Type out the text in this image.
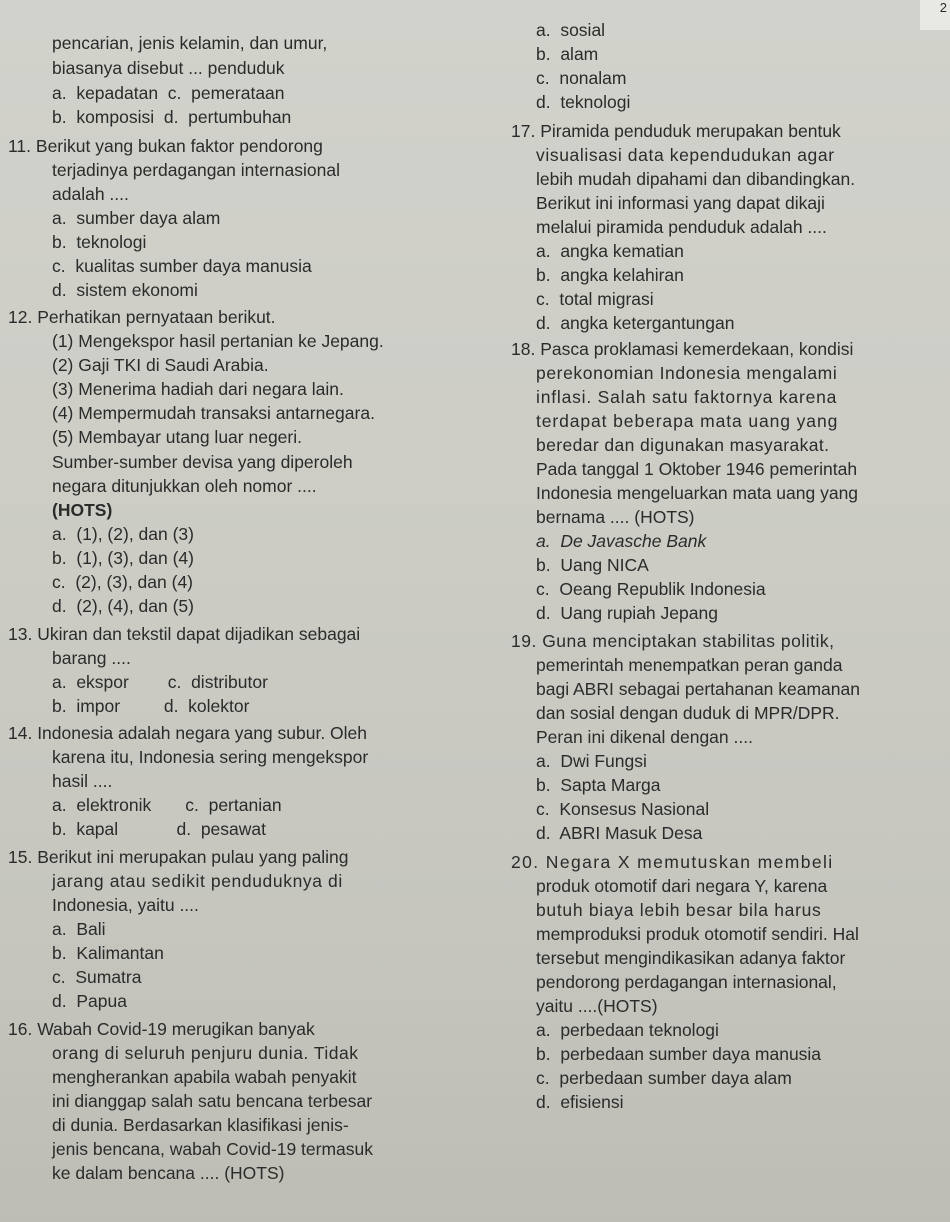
2
pencarian, jenis kelamin, dan umur,
biasanya disebut ... penduduk
a.  kepadatan  c.  pemerataan
b.  komposisi  d.  pertumbuhan
11. Berikut yang bukan faktor pendorong
terjadinya perdagangan internasional
adalah ....
a.  sumber daya alam
b.  teknologi
c.  kualitas sumber daya manusia
d.  sistem ekonomi
12. Perhatikan pernyataan berikut.
(1) Mengekspor hasil pertanian ke Jepang.
(2) Gaji TKI di Saudi Arabia.
(3) Menerima hadiah dari negara lain.
(4) Mempermudah transaksi antarnegara.
(5) Membayar utang luar negeri.
Sumber-sumber devisa yang diperoleh
negara ditunjukkan oleh nomor ....
(HOTS)
a.  (1), (2), dan (3)
b.  (1), (3), dan (4)
c.  (2), (3), dan (4)
d.  (2), (4), dan (5)
13. Ukiran dan tekstil dapat dijadikan sebagai
barang ....
a.  ekspor        c.  distributor
b.  impor         d.  kolektor
14. Indonesia adalah negara yang subur. Oleh
karena itu, Indonesia sering mengekspor
hasil ....
a.  elektronik       c.  pertanian
b.  kapal            d.  pesawat
15. Berikut ini merupakan pulau yang paling
jarang atau sedikit penduduknya di
Indonesia, yaitu ....
a.  Bali
b.  Kalimantan
c.  Sumatra
d.  Papua
16. Wabah Covid-19 merugikan banyak
orang di seluruh penjuru dunia. Tidak
mengherankan apabila wabah penyakit
ini dianggap salah satu bencana terbesar
di dunia. Berdasarkan klasifikasi jenis-
jenis bencana, wabah Covid-19 termasuk
ke dalam bencana .... (HOTS)
a.  sosial
b.  alam
c.  nonalam
d.  teknologi
17. Piramida penduduk merupakan bentuk
visualisasi data kependudukan agar
lebih mudah dipahami dan dibandingkan.
Berikut ini informasi yang dapat dikaji
melalui piramida penduduk adalah ....
a.  angka kematian
b.  angka kelahiran
c.  total migrasi
d.  angka ketergantungan
18. Pasca proklamasi kemerdekaan, kondisi
perekonomian Indonesia mengalami
inflasi. Salah satu faktornya karena
terdapat beberapa mata uang yang
beredar dan digunakan masyarakat.
Pada tanggal 1 Oktober 1946 pemerintah
Indonesia mengeluarkan mata uang yang
bernama .... (HOTS)
a.  De Javasche Bank
b.  Uang NICA
c.  Oeang Republik Indonesia
d.  Uang rupiah Jepang
19. Guna menciptakan stabilitas politik,
pemerintah menempatkan peran ganda
bagi ABRI sebagai pertahanan keamanan
dan sosial dengan duduk di MPR/DPR.
Peran ini dikenal dengan ....
a.  Dwi Fungsi
b.  Sapta Marga
c.  Konsesus Nasional
d.  ABRI Masuk Desa
20. Negara X memutuskan membeli
produk otomotif dari negara Y, karena
butuh biaya lebih besar bila harus
memproduksi produk otomotif sendiri. Hal
tersebut mengindikasikan adanya faktor
pendorong perdagangan internasional,
yaitu ....(HOTS)
a.  perbedaan teknologi
b.  perbedaan sumber daya manusia
c.  perbedaan sumber daya alam
d.  efisiensi
